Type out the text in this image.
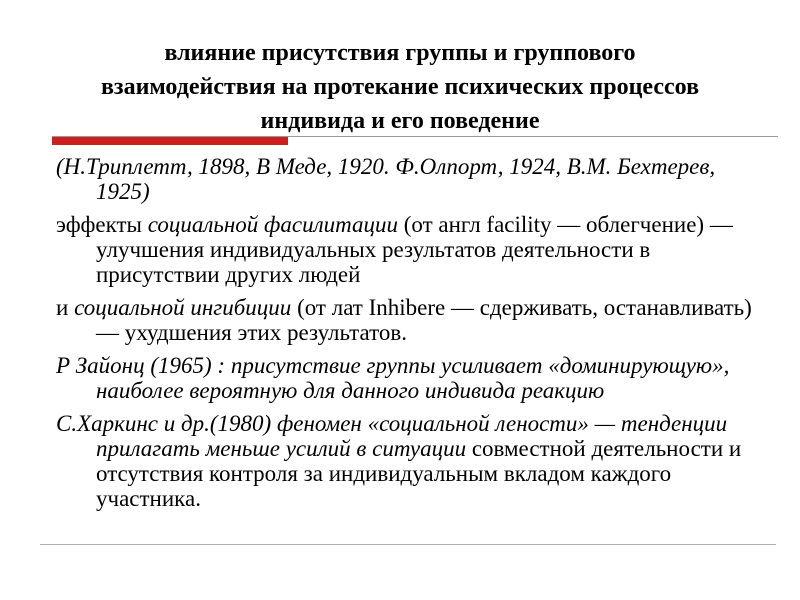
влияние присутствия группы и группового
взаимодействия на протекание психических процессов
индивида и его поведение

(Н.Триплетт, 1898, В Меде, 1920. Ф.Олпорт, 1924, В.М. Бехтерев, 1925)

эффекты социальной фасилитации (от англ facility — облегчение) — улучшения индивидуальных результатов деятельности в присутствии других людей

и социальной ингибиции (от лат Inhibere — сдерживать, останавливать) — ухудшения этих результатов.

Р Зайонц (1965) : присутствие группы усиливает «доминирующую», наиболее вероятную для данного индивида реакцию

С.Харкинс и др.(1980) феномен «социальной лености» — тенденции прилагать меньше усилий в ситуации совместной деятельности и отсутствия контроля за индивидуальным вкладом каждого участника.
